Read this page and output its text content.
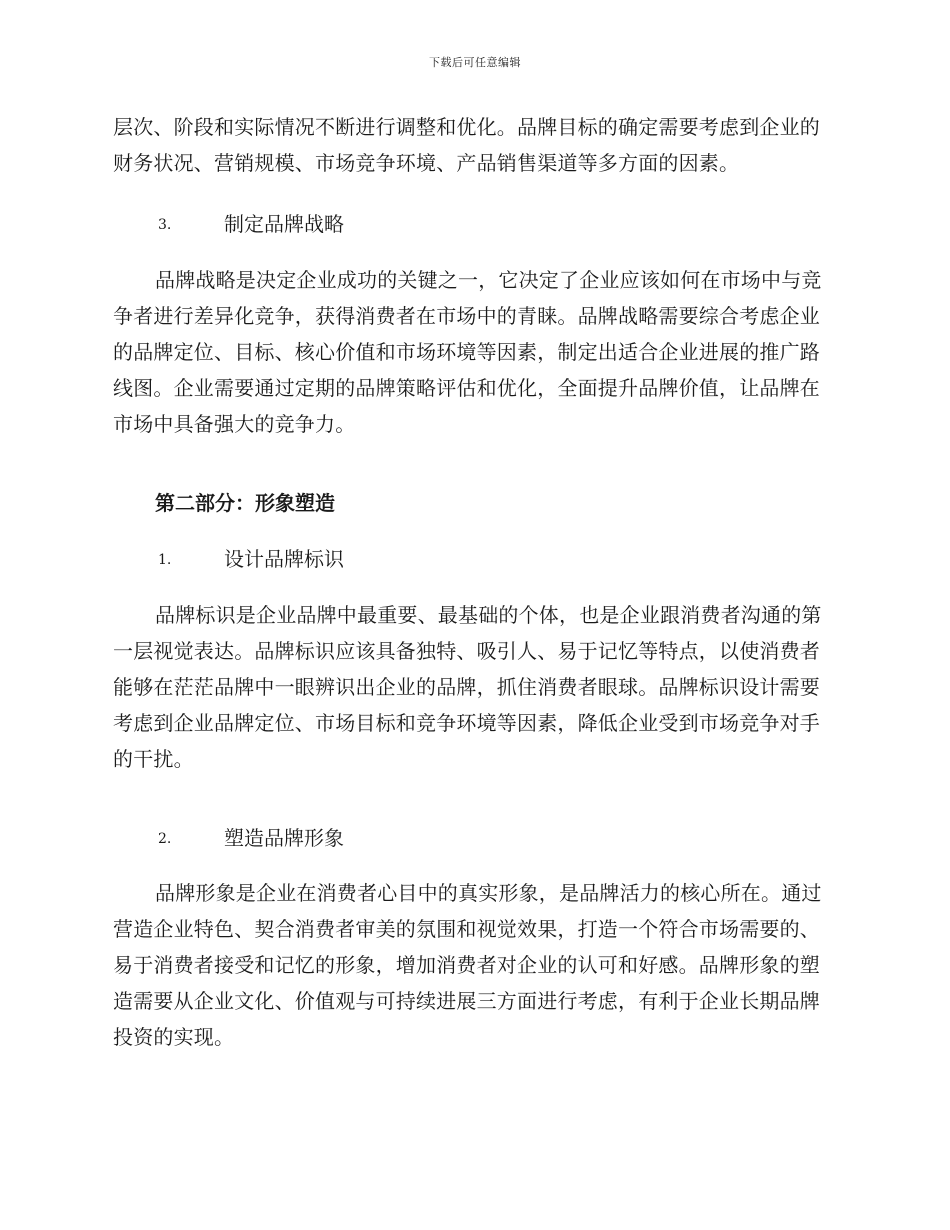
下载后可任意编辑

层次、阶段和实际情况不断进行调整和优化。品牌目标的确定需要考虑到企业的财务状况、营销规模、市场竞争环境、产品销售渠道等多方面的因素。

3.	制定品牌战略

品牌战略是决定企业成功的关键之一，它决定了企业应该如何在市场中与竞争者进行差异化竞争，获得消费者在市场中的青睐。品牌战略需要综合考虑企业的品牌定位、目标、核心价值和市场环境等因素，制定出适合企业进展的推广路线图。企业需要通过定期的品牌策略评估和优化，全面提升品牌价值，让品牌在市场中具备强大的竞争力。

第二部分：形象塑造
1.	设计品牌标识

品牌标识是企业品牌中最重要、最基础的个体，也是企业跟消费者沟通的第一层视觉表达。品牌标识应该具备独特、吸引人、易于记忆等特点，以使消费者能够在茫茫品牌中一眼辨识出企业的品牌，抓住消费者眼球。品牌标识设计需要考虑到企业品牌定位、市场目标和竞争环境等因素，降低企业受到市场竞争对手的干扰。

2.	塑造品牌形象

品牌形象是企业在消费者心目中的真实形象，是品牌活力的核心所在。通过营造企业特色、契合消费者审美的氛围和视觉效果，打造一个符合市场需要的、易于消费者接受和记忆的形象，增加消费者对企业的认可和好感。品牌形象的塑造需要从企业文化、价值观与可持续进展三方面进行考虑，有利于企业长期品牌投资的实现。
